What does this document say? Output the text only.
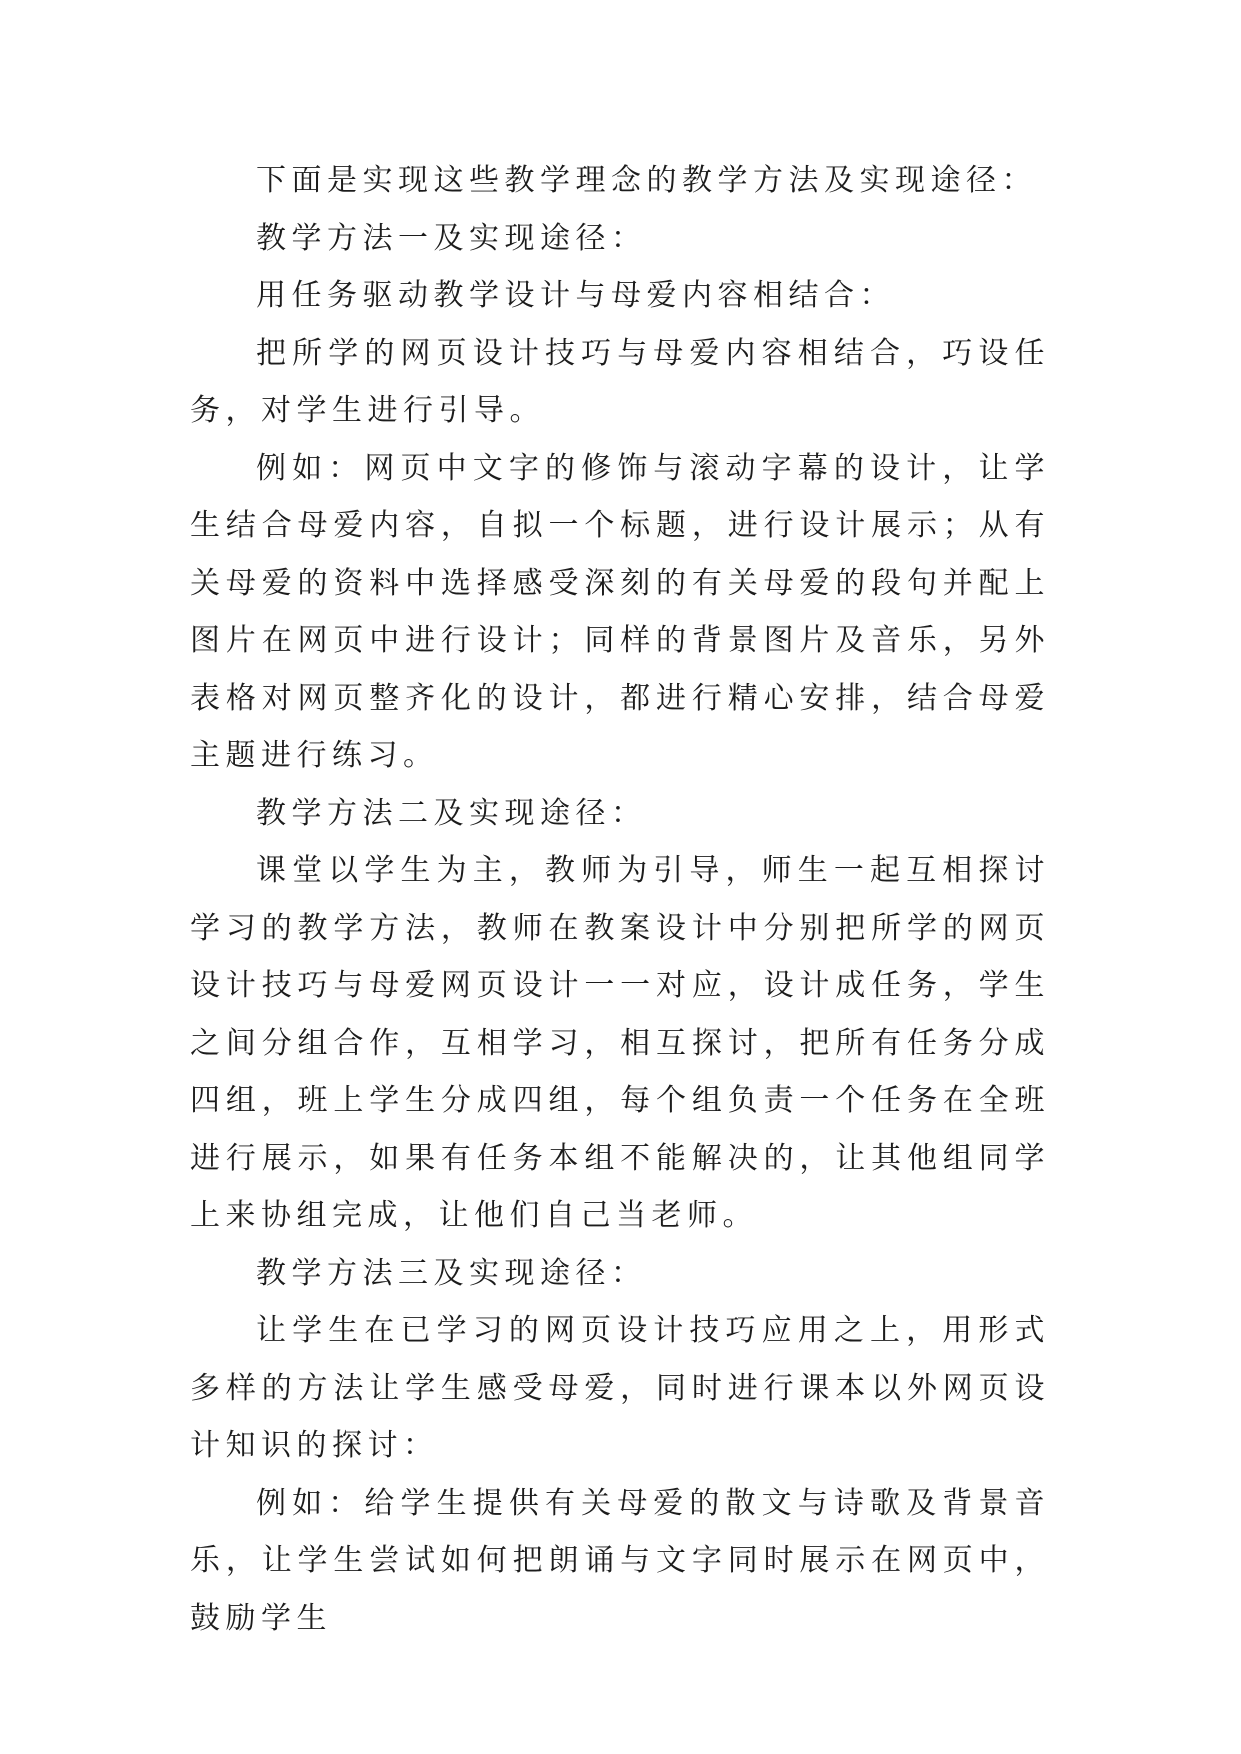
下面是实现这些教学理念的教学方法及实现途径：

教学方法一及实现途径：

用任务驱动教学设计与母爱内容相结合：

把所学的网页设计技巧与母爱内容相结合，巧设任务，对学生进行引导。

例如：网页中文字的修饰与滚动字幕的设计，让学生结合母爱内容，自拟一个标题，进行设计展示；从有关母爱的资料中选择感受深刻的有关母爱的段句并配上图片在网页中进行设计；同样的背景图片及音乐，另外表格对网页整齐化的设计，都进行精心安排，结合母爱主题进行练习。

教学方法二及实现途径：

课堂以学生为主，教师为引导，师生一起互相探讨学习的教学方法，教师在教案设计中分别把所学的网页设计技巧与母爱网页设计一一对应，设计成任务，学生之间分组合作，互相学习，相互探讨，把所有任务分成四组，班上学生分成四组，每个组负责一个任务在全班进行展示，如果有任务本组不能解决的，让其他组同学上来协组完成，让他们自己当老师。

教学方法三及实现途径：

让学生在已学习的网页设计技巧应用之上，用形式多样的方法让学生感受母爱，同时进行课本以外网页设计知识的探讨：

例如：给学生提供有关母爱的散文与诗歌及背景音乐，让学生尝试如何把朗诵与文字同时展示在网页中，鼓励学生
